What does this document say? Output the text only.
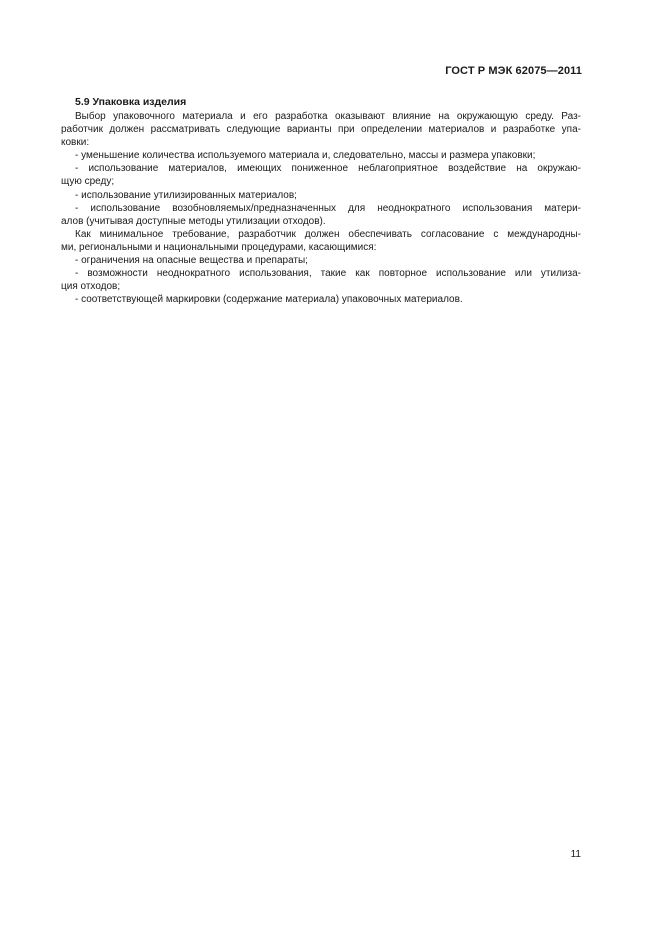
ГОСТ Р МЭК 62075—2011
5.9 Упаковка изделия
Выбор упаковочного материала и его разработка оказывают влияние на окружающую среду. Раз-
работчик должен рассматривать следующие варианты при определении материалов и разработке упа-
ковки:
- уменьшение количества используемого материала и, следовательно, массы и размера упаковки;
- использование материалов, имеющих пониженное неблагоприятное воздействие на окружаю-
щую среду;
- использование утилизированных материалов;
- использование возобновляемых/предназначенных для неоднократного использования матери-
алов (учитывая доступные методы утилизации отходов).
Как минимальное требование, разработчик должен обеспечивать согласование с международны-
ми, региональными и национальными процедурами, касающимися:
- ограничения на опасные вещества и препараты;
- возможности неоднократного использования, такие как повторное использование или утилиза-
ция отходов;
- соответствующей маркировки (содержание материала) упаковочных материалов.
11
